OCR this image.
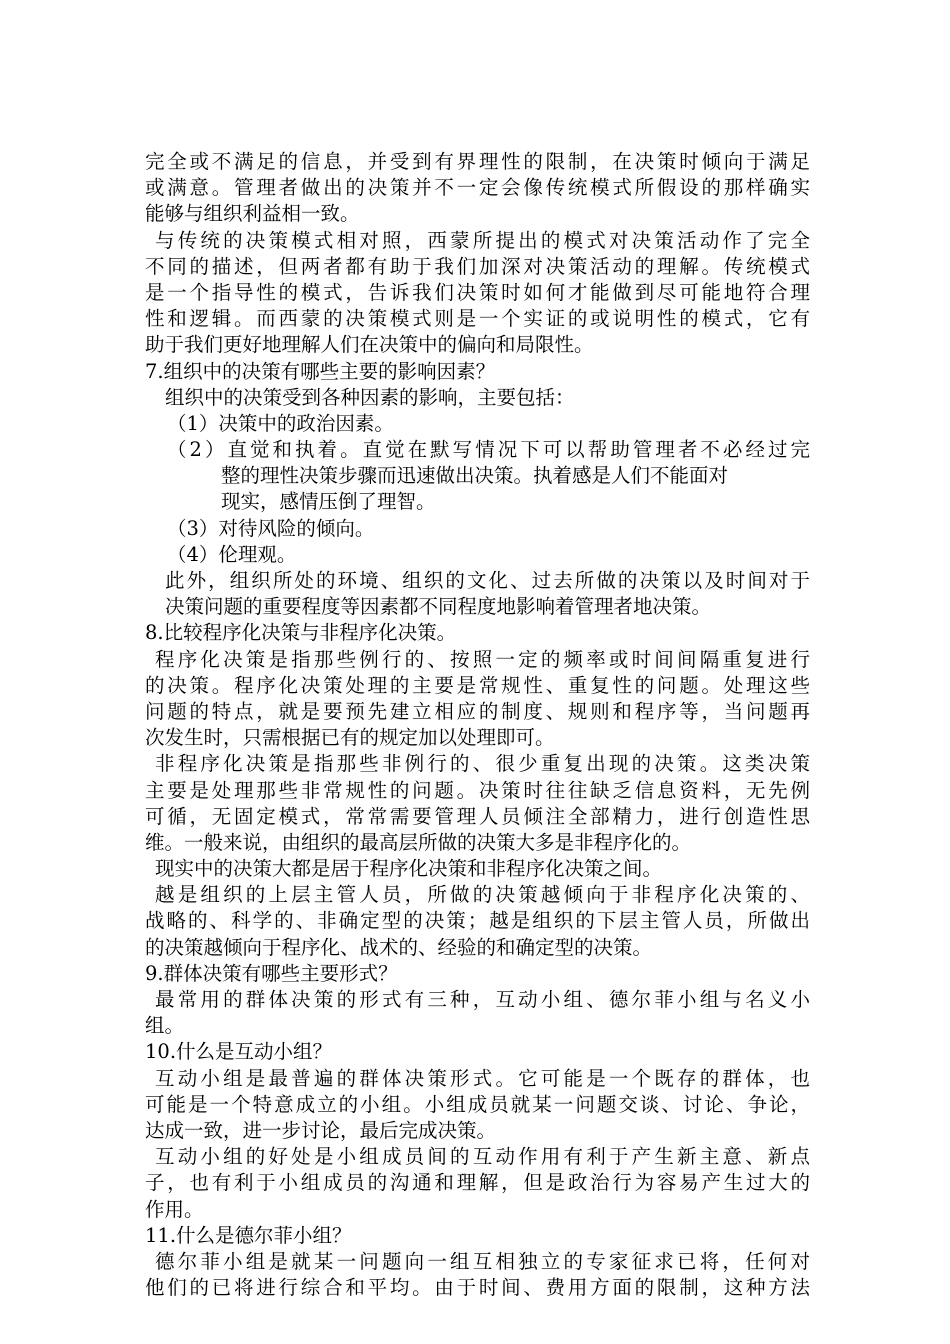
完全或不满足的信息，并受到有界理性的限制，在决策时倾向于满足
或满意。管理者做出的决策并不一定会像传统模式所假设的那样确实
能够与组织利益相一致。
与传统的决策模式相对照，西蒙所提出的模式对决策活动作了完全
不同的描述，但两者都有助于我们加深对决策活动的理解。传统模式
是一个指导性的模式，告诉我们决策时如何才能做到尽可能地符合理
性和逻辑。而西蒙的决策模式则是一个实证的或说明性的模式，它有
助于我们更好地理解人们在决策中的偏向和局限性。
7.组织中的决策有哪些主要的影响因素？
组织中的决策受到各种因素的影响，主要包括：
（1）决策中的政治因素。
（2）直觉和执着。直觉在默写情况下可以帮助管理者不必经过完
整的理性决策步骤而迅速做出决策。执着感是人们不能面对
现实，感情压倒了理智。
（3）对待风险的倾向。
（4）伦理观。
此外，组织所处的环境、组织的文化、过去所做的决策以及时间对于
决策问题的重要程度等因素都不同程度地影响着管理者地决策。
8.比较程序化决策与非程序化决策。
程序化决策是指那些例行的、按照一定的频率或时间间隔重复进行
的决策。程序化决策处理的主要是常规性、重复性的问题。处理这些
问题的特点，就是要预先建立相应的制度、规则和程序等，当问题再
次发生时，只需根据已有的规定加以处理即可。
非程序化决策是指那些非例行的、很少重复出现的决策。这类决策
主要是处理那些非常规性的问题。决策时往往缺乏信息资料，无先例
可循，无固定模式，常常需要管理人员倾注全部精力，进行创造性思
维。一般来说，由组织的最高层所做的决策大多是非程序化的。
现实中的决策大都是居于程序化决策和非程序化决策之间。
越是组织的上层主管人员，所做的决策越倾向于非程序化决策的、
战略的、科学的、非确定型的决策；越是组织的下层主管人员，所做出
的决策越倾向于程序化、战术的、经验的和确定型的决策。
9.群体决策有哪些主要形式？
最常用的群体决策的形式有三种，互动小组、德尔菲小组与名义小
组。
10.什么是互动小组？
互动小组是最普遍的群体决策形式。它可能是一个既存的群体，也
可能是一个特意成立的小组。小组成员就某一问题交谈、讨论、争论，
达成一致，进一步讨论，最后完成决策。
互动小组的好处是小组成员间的互动作用有利于产生新主意、新点
子，也有利于小组成员的沟通和理解，但是政治行为容易产生过大的
作用。
11.什么是德尔菲小组？
德尔菲小组是就某一问题向一组互相独立的专家征求已将，任何对
他们的已将进行综合和平均。由于时间、费用方面的限制，这种方法
